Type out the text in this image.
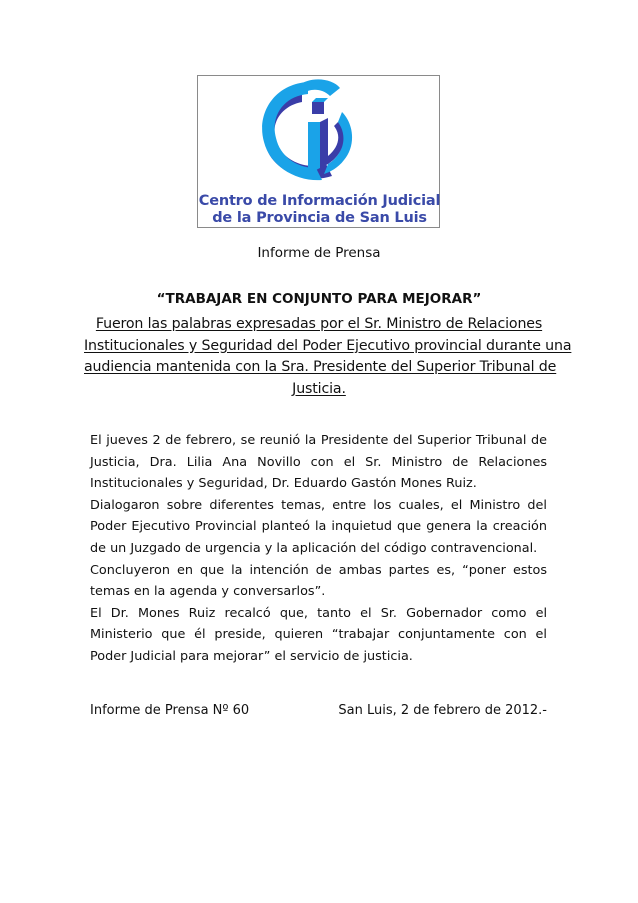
Centro de Información Judicial
de la Provincia de San Luis
Informe de Prensa
“TRABAJAR EN CONJUNTO PARA MEJORAR”
Fueron las palabras expresadas por el Sr. Ministro de Relaciones
Institucionales y Seguridad del Poder Ejecutivo provincial durante una
audiencia mantenida con la Sra. Presidente del Superior Tribunal de
Justicia.

El jueves 2 de febrero, se reunió la Presidente del Superior Tribunal de Justicia, Dra. Lilia Ana Novillo con el Sr. Ministro de Relaciones Institucionales y Seguridad, Dr. Eduardo Gastón Mones Ruiz.

Dialogaron sobre diferentes temas, entre los cuales, el Ministro del Poder Ejecutivo Provincial planteó la inquietud que genera la creación de un Juzgado de urgencia y la aplicación del código contravencional.

Concluyeron en que la intención de ambas partes es, “poner estos temas en la agenda y conversarlos”.

El Dr. Mones Ruiz recalcó que, tanto el Sr. Gobernador como el Ministerio que él preside, quieren “trabajar conjuntamente con el Poder Judicial para mejorar” el servicio de justicia.

Informe de Prensa Nº 60	San Luis, 2 de febrero de 2012.-
